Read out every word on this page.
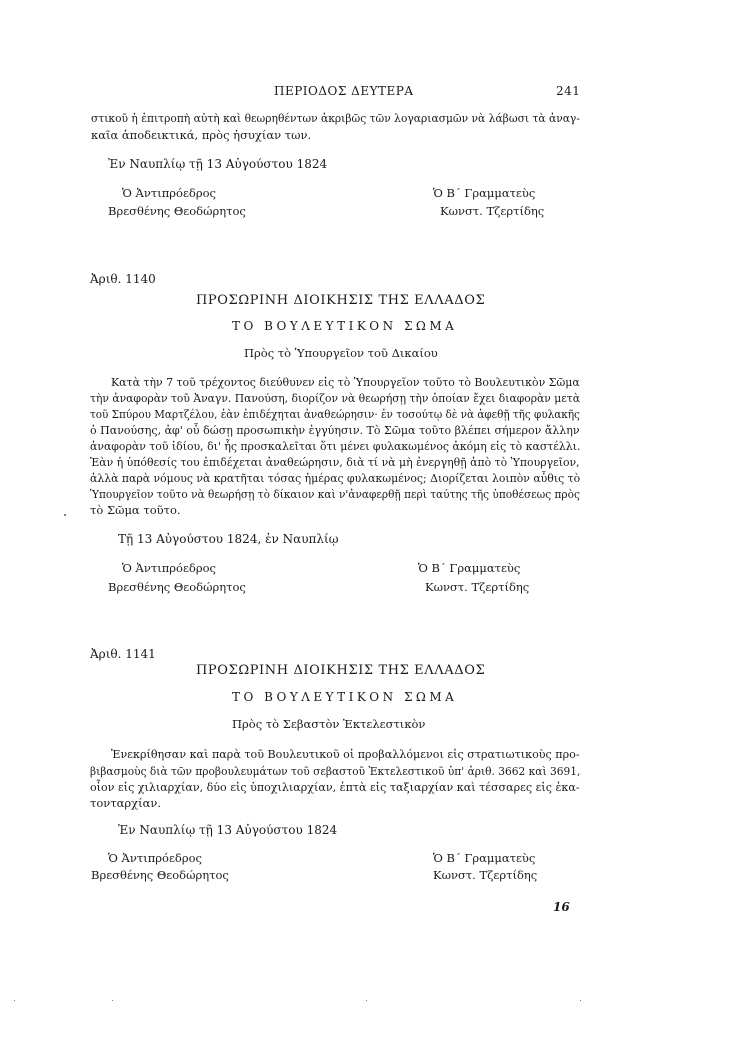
ΠΕΡΙΟΔΟΣ ΔΕΥΤΕΡΑ	241
στικοῦ ἡ ἐπιτροπὴ αὐτὴ καὶ θεωρηθέντων ἀκριβῶς τῶν λογαριασμῶν νὰ λάβωσι τὰ ἀναγ-
καῖα ἀποδεικτικά, πρὸς ἡσυχίαν των.
Ἐν Ναυπλίῳ τῇ 13 Αὐγούστου 1824
Ὁ Ἀντιπρόεδρος
Βρεσθένης Θεοδώρητος
Ὁ Β΄ Γραμματεὺς
Κωνστ. Τζερτίδης
Ἀριθ. 1140
ΠΡΟΣΩΡΙΝΗ ΔΙΟΙΚΗΣΙΣ ΤΗΣ ΕΛΛΑΔΟΣ
ΤΟ ΒΟΥΛΕΥΤΙΚΟΝ ΣΩΜΑ
Πρὸς τὸ Ὑπουργεῖον τοῦ Δικαίου
Κατὰ τὴν 7 τοῦ τρέχοντος διεύθυνεν εἰς τὸ Ὑπουργεῖον τοῦτο τὸ Βουλευτικὸν Σῶμα
τὴν ἀναφορὰν τοῦ Ἀναγν. Πανούση, διορίζον νὰ θεωρήσῃ τὴν ὁποίαν ἔχει διαφορὰν μετὰ
τοῦ Σπύρου Μαρτζέλου, ἐὰν ἐπιδέχηται ἀναθεώρησιν· ἐν τοσούτῳ δὲ νὰ ἀφεθῇ τῆς φυλακῆς
ὁ Πανούσης, ἀφ' οὗ δώσῃ προσωπικὴν ἐγγύησιν. Τὸ Σῶμα τοῦτο βλέπει σήμερον ἄλλην
ἀναφορὰν τοῦ ἰδίου, δι' ἧς προσκαλεῖται ὅτι μένει φυλακωμένος ἀκόμη εἰς τὸ καστέλλι.
Ἐὰν ἡ ὑπόθεσίς του ἐπιδέχεται ἀναθεώρησιν, διὰ τί νὰ μὴ ἐνεργηθῇ ἀπὸ τὸ Ὑπουργεῖον,
ἀλλὰ παρὰ νόμους νὰ κρατῆται τόσας ἡμέρας φυλακωμένος; Διορίζεται λοιπὸν αὖθις τὸ
Ὑπουργεῖον τοῦτο νὰ θεωρήσῃ τὸ δίκαιον καὶ ν'ἀναφερθῇ περὶ ταύτης τῆς ὑποθέσεως πρὸς
τὸ Σῶμα τοῦτο.
Τῇ 13 Αὐγούστου 1824, ἐν Ναυπλίῳ
Ὁ Ἀντιπρόεδρος
Βρεσθένης Θεοδώρητος
Ὁ Β΄ Γραμματεὺς
Κωνστ. Τζερτίδης
Ἀριθ. 1141
ΠΡΟΣΩΡΙΝΗ ΔΙΟΙΚΗΣΙΣ ΤΗΣ ΕΛΛΑΔΟΣ
ΤΟ ΒΟΥΛΕΥΤΙΚΟΝ ΣΩΜΑ
Πρὸς τὸ Σεβαστὸν Ἐκτελεστικὸν
Ἐνεκρίθησαν καὶ παρὰ τοῦ Βουλευτικοῦ οἱ προβαλλόμενοι εἰς στρατιωτικοὺς προ-
βιβασμοὺς διὰ τῶν προβουλευμάτων τοῦ σεβαστοῦ Ἐκτελεστικοῦ ὑπ' ἀριθ. 3662 καὶ 3691,
οἷον εἰς χιλιαρχίαν, δύο εἰς ὑποχιλιαρχίαν, ἑπτὰ εἰς ταξιαρχίαν καὶ τέσσαρες εἰς ἑκα-
τονταρχίαν.
Ἐν Ναυπλίῳ τῇ 13 Αὐγούστου 1824
Ὁ Ἀντιπρόεδρος
Βρεσθένης Θεοδώρητος
Ὁ Β΄ Γραμματεὺς
Κωνστ. Τζερτίδης
16
